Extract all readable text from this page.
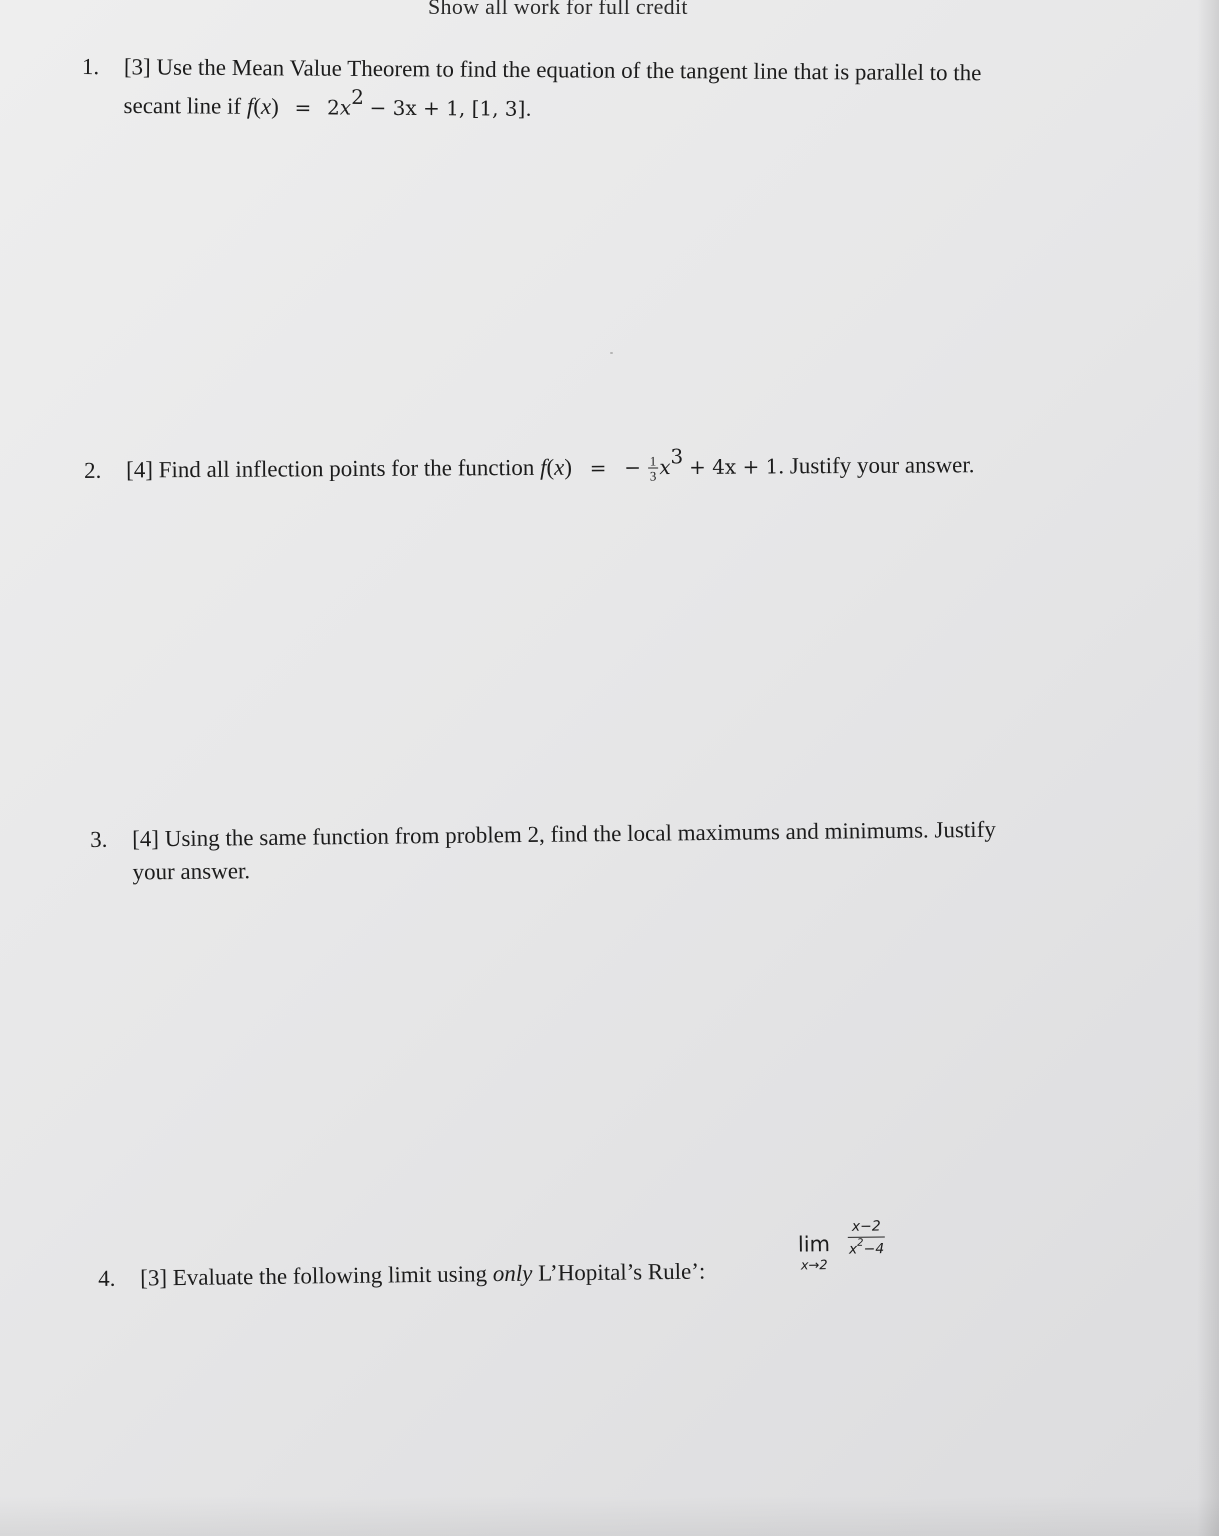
Show all work for full credit
1. [3] Use the Mean Value Theorem to find the equation of the tangent line that is parallel to the
secant line if $f(x) = 2x^2 - 3x + 1$, [1, 3].
2. [4] Find all inflection points for the function f(x) = − $\frac{1}{3} x^3 + 4x + 1$. Justify your answer.
3. [4] Using the same function from problem 2, find the local maximums and minimums. Justify
your answer.
4. [3] Evaluate the following limit using only L’Hopital’s Rule’:
lim
x→2

$\frac{x-2}{x^2-4}$
